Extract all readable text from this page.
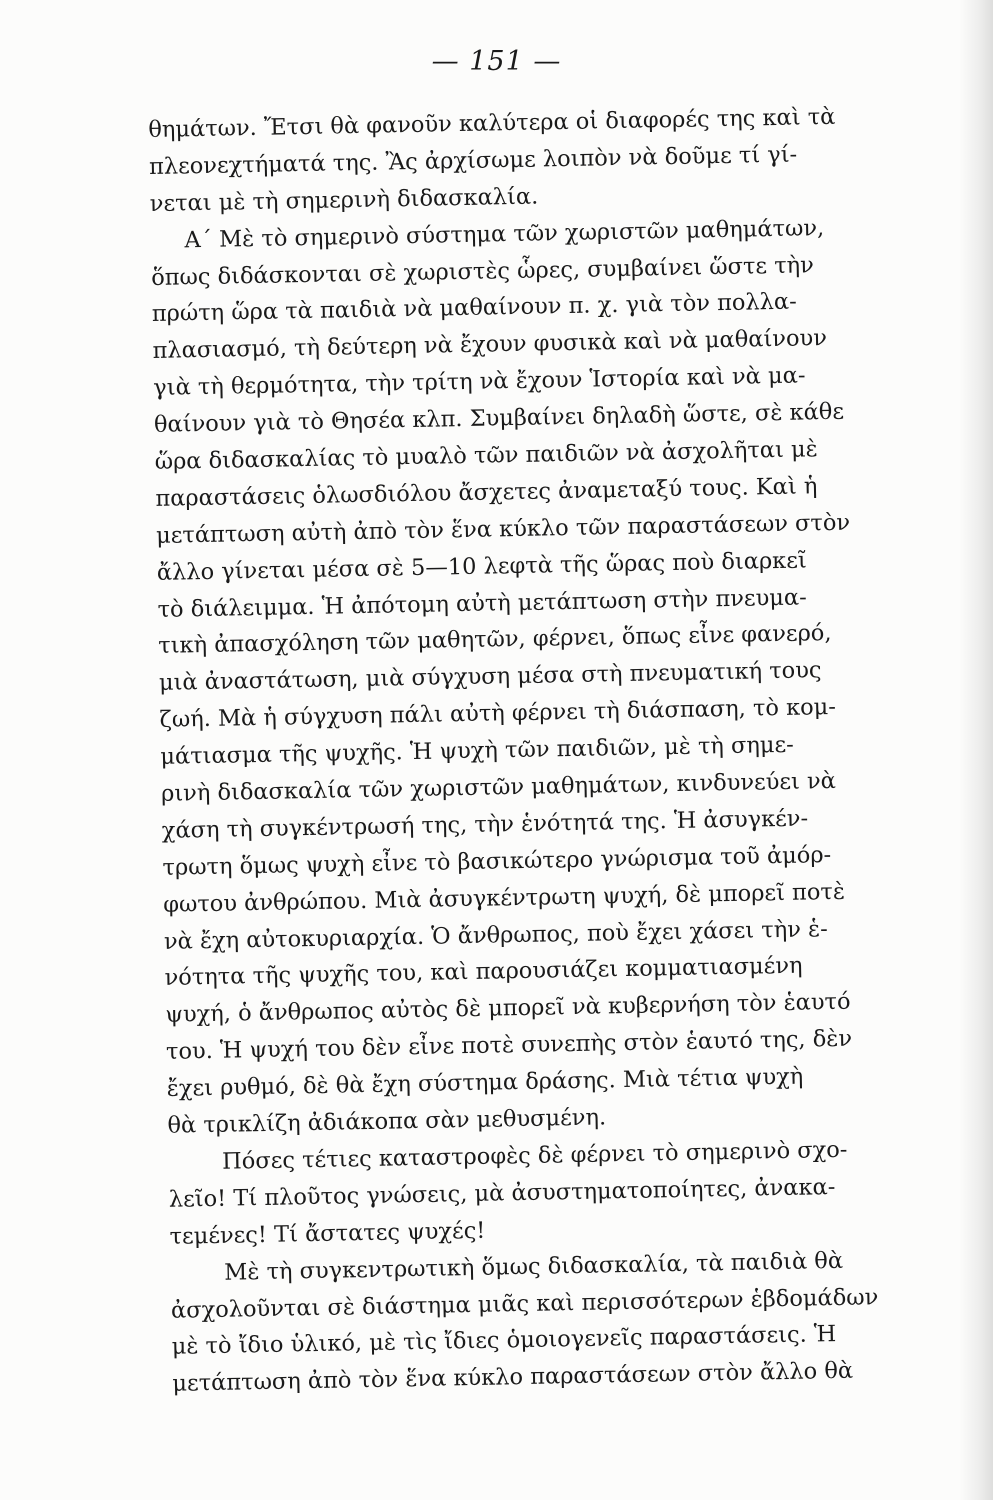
— 151 —
θημάτων. Ἔτσι θὰ φανοῦν καλύτερα οἱ διαφορές της καὶ τὰ
πλεονεχτήματά της. Ἂς ἀρχίσωμε λοιπὸν νὰ δοῦμε τί γί-
νεται μὲ τὴ σημερινὴ διδασκαλία.
Α΄ Μὲ τὸ σημερινὸ σύστημα τῶν χωριστῶν μαθημάτων,
ὅπως διδάσκονται σὲ χωριστὲς ὧρες, συμβαίνει ὥστε τὴν
πρώτη ὥρα τὰ παιδιὰ νὰ μαθαίνουν π. χ. γιὰ τὸν πολλα-
πλασιασμό, τὴ δεύτερη νὰ ἔχουν φυσικὰ καὶ νὰ μαθαίνουν
γιὰ τὴ θερμότητα, τὴν τρίτη νὰ ἔχουν Ἱστορία καὶ νὰ μα-
θαίνουν γιὰ τὸ Θησέα κλπ. Συμβαίνει δηλαδὴ ὥστε, σὲ κάθε
ὥρα διδασκαλίας τὸ μυαλὸ τῶν παιδιῶν νὰ ἀσχολῆται μὲ
παραστάσεις ὁλωσδιόλου ἄσχετες ἀναμεταξύ τους. Καὶ ἡ
μετάπτωση αὐτὴ ἀπὸ τὸν ἕνα κύκλο τῶν παραστάσεων στὸν
ἄλλο γίνεται μέσα σὲ 5—10 λεφτὰ τῆς ὥρας ποὺ διαρκεῖ
τὸ διάλειμμα. Ἡ ἀπότομη αὐτὴ μετάπτωση στὴν πνευμα-
τικὴ ἀπασχόληση τῶν μαθητῶν, φέρνει, ὅπως εἶνε φανερό,
μιὰ ἀναστάτωση, μιὰ σύγχυση μέσα στὴ πνευματική τους
ζωή. Μὰ ἡ σύγχυση πάλι αὐτὴ φέρνει τὴ διάσπαση, τὸ κομ-
μάτιασμα τῆς ψυχῆς. Ἡ ψυχὴ τῶν παιδιῶν, μὲ τὴ σημε-
ρινὴ διδασκαλία τῶν χωριστῶν μαθημάτων, κινδυνεύει νὰ
χάση τὴ συγκέντρωσή της, τὴν ἑνότητά της. Ἡ ἀσυγκέν-
τρωτη ὅμως ψυχὴ εἶνε τὸ βασικώτερο γνώρισμα τοῦ ἀμόρ-
φωτου ἀνθρώπου. Μιὰ ἀσυγκέντρωτη ψυχή, δὲ μπορεῖ ποτὲ
νὰ ἔχη αὐτοκυριαρχία. Ὁ ἄνθρωπος, ποὺ ἔχει χάσει τὴν ἑ-
νότητα τῆς ψυχῆς του, καὶ παρουσιάζει κομματιασμένη
ψυχή, ὁ ἄνθρωπος αὐτὸς δὲ μπορεῖ νὰ κυβερνήση τὸν ἑαυτό
του. Ἡ ψυχή του δὲν εἶνε ποτὲ συνεπὴς στὸν ἑαυτό της, δὲν
ἔχει ρυθμό, δὲ θὰ ἔχη σύστημα δράσης. Μιὰ τέτια ψυχὴ
θὰ τρικλίζη ἀδιάκοπα σὰν μεθυσμένη.
Πόσες τέτιες καταστροφὲς δὲ φέρνει τὸ σημερινὸ σχο-
λεῖο! Τί πλοῦτος γνώσεις, μὰ ἀσυστηματοποίητες, ἀνακα-
τεμένες! Τί ἄστατες ψυχές!
Μὲ τὴ συγκεντρωτικὴ ὅμως διδασκαλία, τὰ παιδιὰ θὰ
ἀσχολοῦνται σὲ διάστημα μιᾶς καὶ περισσότερων ἑβδομάδων
μὲ τὸ ἴδιο ὑλικό, μὲ τὶς ἴδιες ὁμοιογενεῖς παραστάσεις. Ἡ
μετάπτωση ἀπὸ τὸν ἕνα κύκλο παραστάσεων στὸν ἄλλο θὰ
